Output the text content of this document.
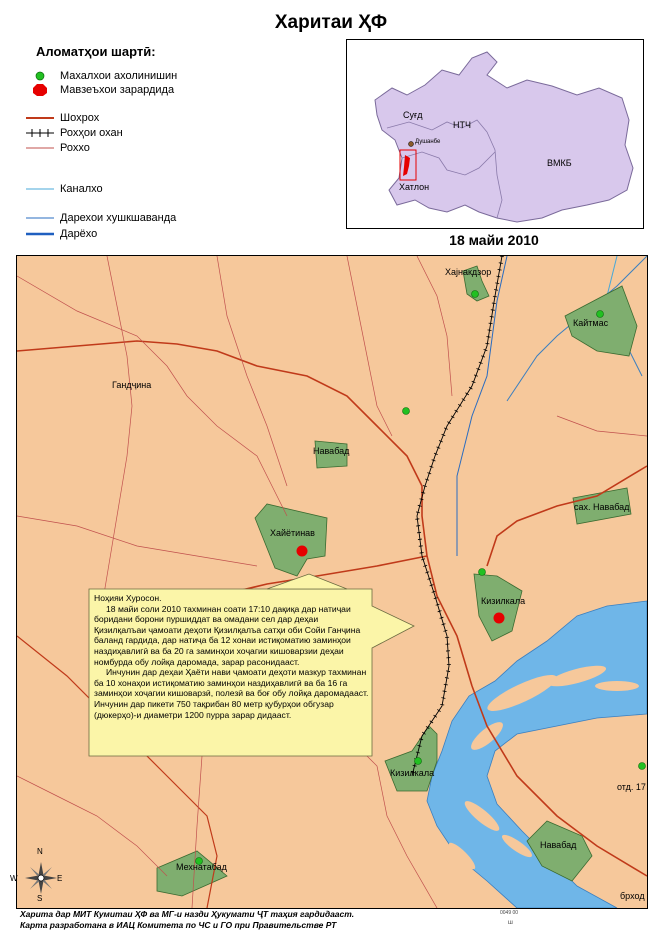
Харитаи ҲФ
Аломатҳои шартӣ:
Махалхои ахолинишин
Мавзеъхои зарардида
Шохрох
Рохҳои охан
Роххо
Каналхо
Дарехои хушкшаванда
Дарёхо
Суғд
НТЧ
Душанбе
ВМКБ
Хатлон
18 майи 2010
Хаjнакдзор
Кайтмас
Гандҷина
Навабад
Хайётинав
сах. Навабад
Кизилкала
Кизилкала
Мехнатабад
Навабад
отд. 17
бpход

Ноҳияи Хуросон.

18 майи соли 2010 тахминан соати 17:10 дақиқа дар натиҷаи боридани борони пуршиддат ва омадани сел дар деҳаи Қизилқалъаи ҷамоати деҳоти Қизилқалъа сатҳи оби Сойи Ганҷина баланд гардида, дар натиҷа ба 12 хонаи истиқоматию заминҳои наздиҳавлигӣ ва ба 20 га заминҳои хоҷагии кишоварзии деҳаи номбурда обу лойқа даромада, зарар расонидааст.

Инчунин дар деҳаи Ҳаёти нави ҷамоати деҳоти мазкур тахминан ба 10 хонаҳои истиқоматию заминҳои наздиҳавлигӣ ва ба 16 га заминҳои хоҷагии кишоварзӣ, полезӣ ва боғ обу лойқа даромадааст. Инчунин дар пикети 750 тақрибан 80 метр қубурҳои обгузар (дюкерҳо)-и диаметри 1200 пурра зарар дидааст.

N
E
W
S
Харита дар МИТ Кумитаи ҲФ ва МГ-и назди Ҳукумати ҶТ таҳия гардидааст.
Карта разработана в ИАЦ Комитета по ЧС и ГО при Правительстве РТ
0049 00
ш
